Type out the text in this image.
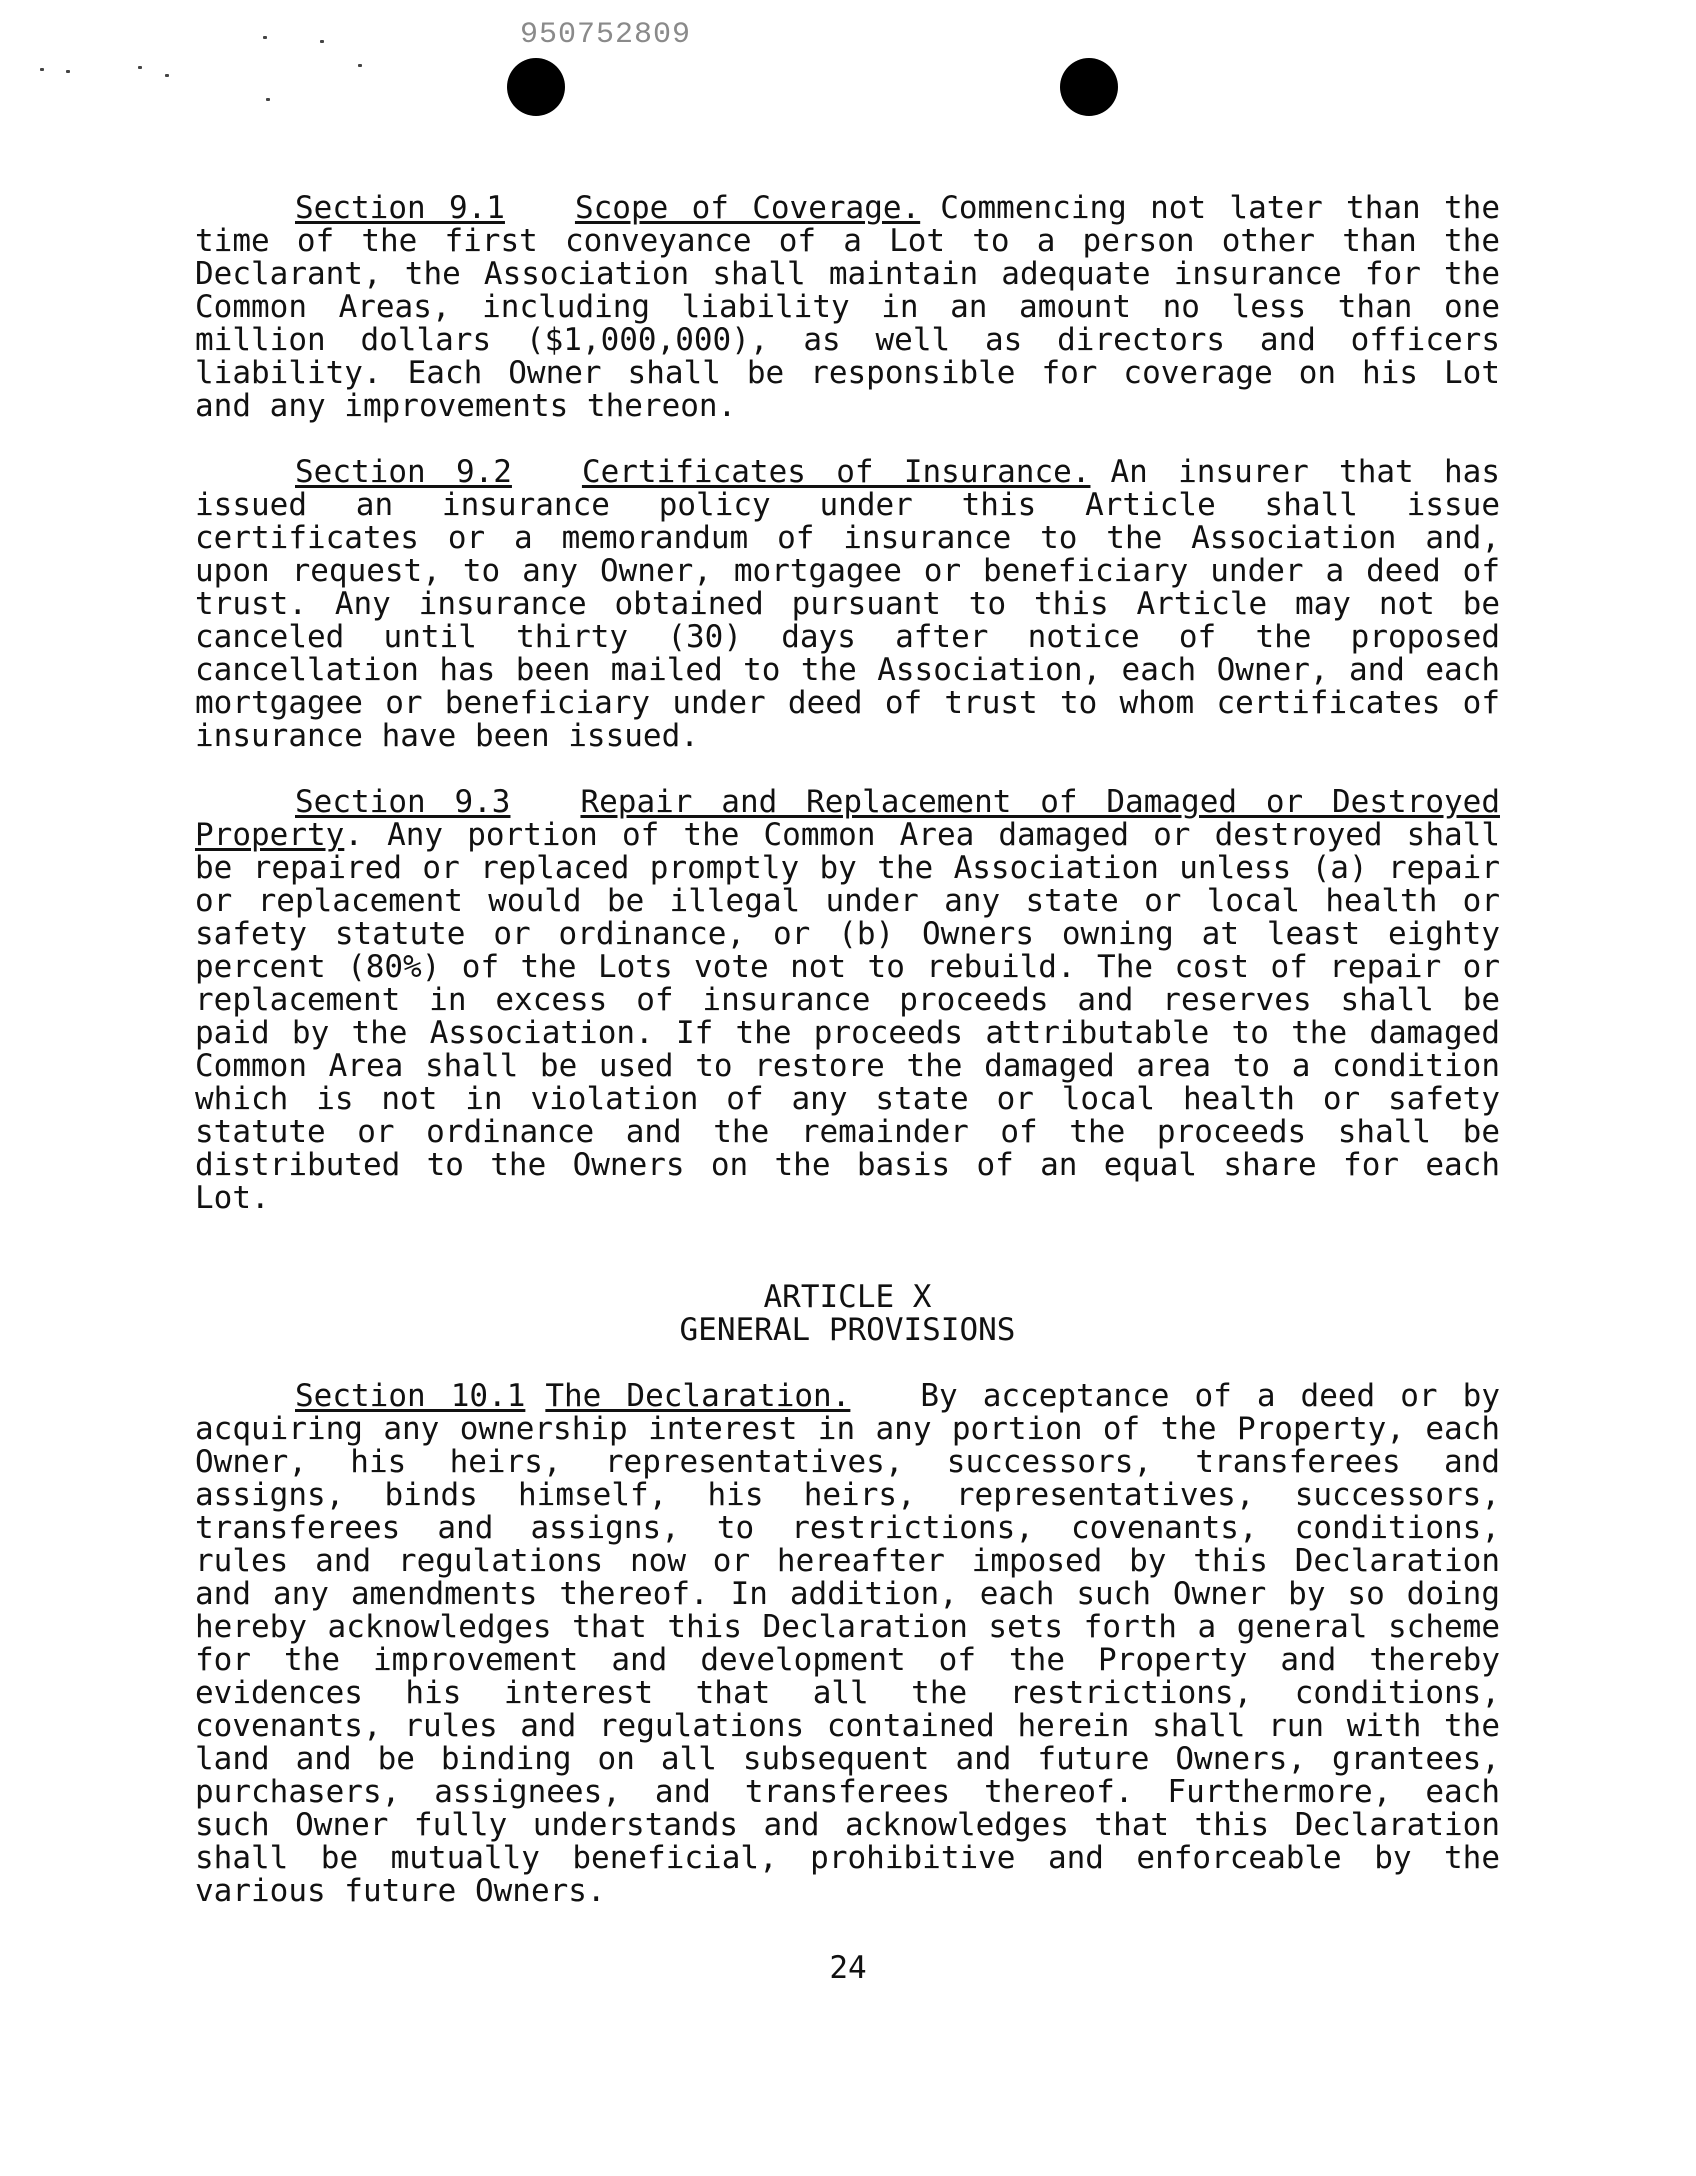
950752809

Section 9.1 Scope of Coverage. Commencing not later than the time of the first conveyance of a Lot to a person other than the Declarant, the Association shall maintain adequate insurance for the Common Areas, including liability in an amount no less than one million dollars ($1,000,000), as well as directors and officers liability. Each Owner shall be responsible for coverage on his Lot and any improvements thereon.

Section 9.2 Certificates of Insurance. An insurer that has issued an insurance policy under this Article shall issue certificates or a memorandum of insurance to the Association and, upon request, to any Owner, mortgagee or beneficiary under a deed of trust. Any insurance obtained pursuant to this Article may not be canceled until thirty (30) days after notice of the proposed cancellation has been mailed to the Association, each Owner, and each mortgagee or beneficiary under deed of trust to whom certificates of insurance have been issued.

Section 9.3 Repair and Replacement of Damaged or Destroyed Property. Any portion of the Common Area damaged or destroyed shall be repaired or replaced promptly by the Association unless (a) repair or replacement would be illegal under any state or local health or safety statute or ordinance, or (b) Owners owning at least eighty percent (80%) of the Lots vote not to rebuild. The cost of repair or replacement in excess of insurance proceeds and reserves shall be paid by the Association. If the proceeds attributable to the damaged Common Area shall be used to restore the damaged area to a condition which is not in violation of any state or local health or safety statute or ordinance and the remainder of the proceeds shall be distributed to the Owners on the basis of an equal share for each Lot.

ARTICLE X
GENERAL PROVISIONS

Section 10.1 The Declaration. By acceptance of a deed or by acquiring any ownership interest in any portion of the Property, each Owner, his heirs, representatives, successors, transferees and assigns, binds himself, his heirs, representatives, successors, transferees and assigns, to restrictions, covenants, conditions, rules and regulations now or hereafter imposed by this Declaration and any amendments thereof. In addition, each such Owner by so doing hereby acknowledges that this Declaration sets forth a general scheme for the improvement and development of the Property and thereby evidences his interest that all the restrictions, conditions, covenants, rules and regulations contained herein shall run with the land and be binding on all subsequent and future Owners, grantees, purchasers, assignees, and transferees thereof. Furthermore, each such Owner fully understands and acknowledges that this Declaration shall be mutually beneficial, prohibitive and enforceable by the various future Owners.

24
